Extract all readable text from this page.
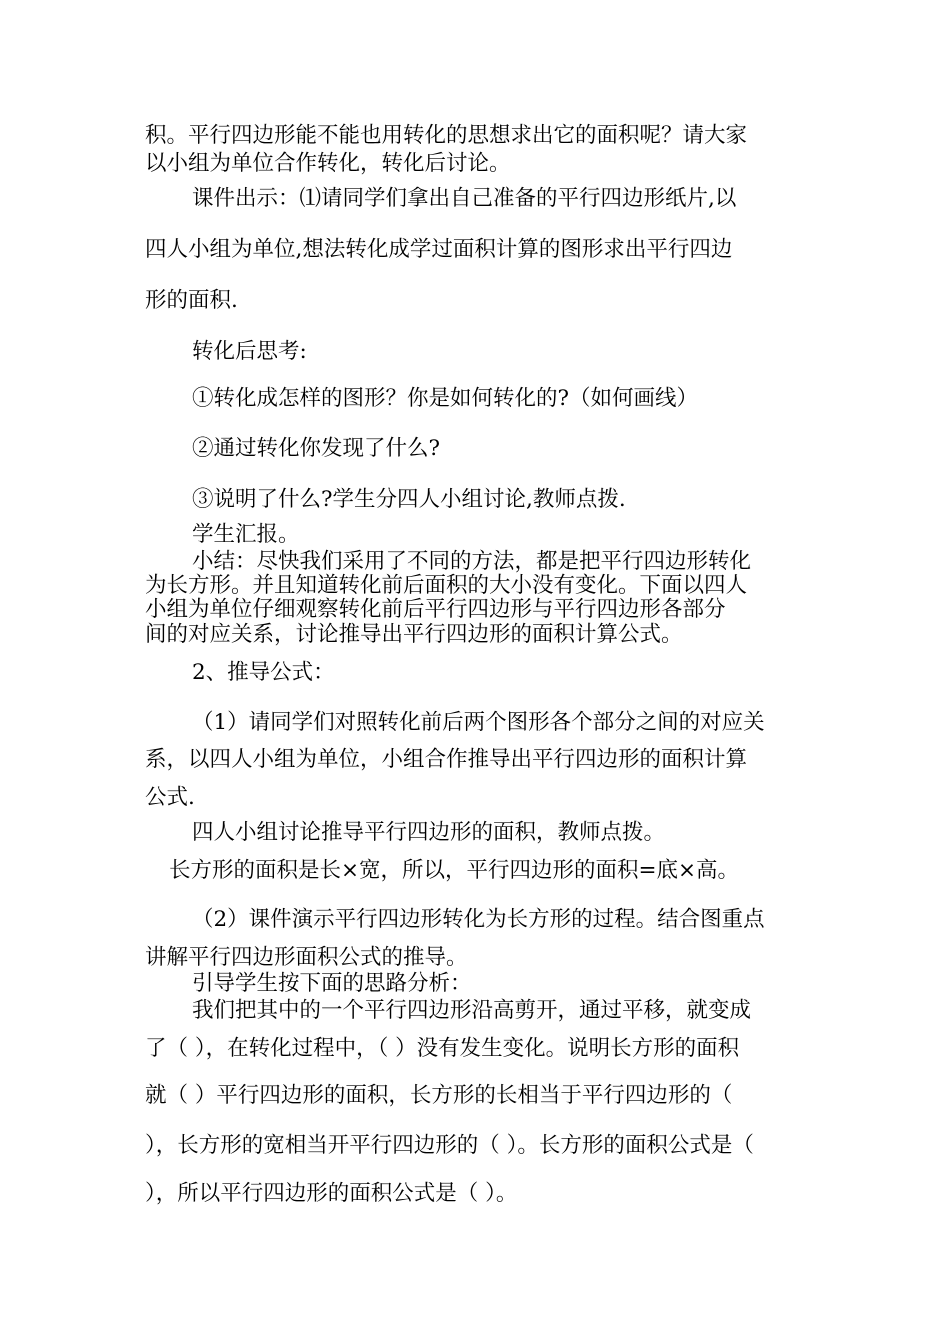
积。平行四边形能不能也用转化的思想求出它的面积呢？请大家
以小组为单位合作转化，转化后讨论。
课件出示：⑴请同学们拿出自己准备的平行四边形纸片,以
四人小组为单位,想法转化成学过面积计算的图形求出平行四边
形的面积.
转化后思考:
①转化成怎样的图形？你是如何转化的?（如何画线）
②通过转化你发现了什么?
③说明了什么?学生分四人小组讨论,教师点拨.
学生汇报。
小结：尽快我们采用了不同的方法，都是把平行四边形转化
为长方形。并且知道转化前后面积的大小没有变化。下面以四人
小组为单位仔细观察转化前后平行四边形与平行四边形各部分
间的对应关系，讨论推导出平行四边形的面积计算公式。
2、推导公式：
（1）请同学们对照转化前后两个图形各个部分之间的对应关
系，以四人小组为单位，小组合作推导出平行四边形的面积计算
公式.
四人小组讨论推导平行四边形的面积，教师点拨。
长方形的面积是长×宽，所以，平行四边形的面积=底×高。
（2）课件演示平行四边形转化为长方形的过程。结合图重点
讲解平行四边形面积公式的推导。
引导学生按下面的思路分析：
我们把其中的一个平行四边形沿高剪开，通过平移，就变成
了（ ），在转化过程中，（ ）没有发生变化。说明长方形的面积
就（ ）平行四边形的面积，长方形的长相当于平行四边形的（
），长方形的宽相当开平行四边形的（ ）。长方形的面积公式是（
），所以平行四边形的面积公式是（ ）。
